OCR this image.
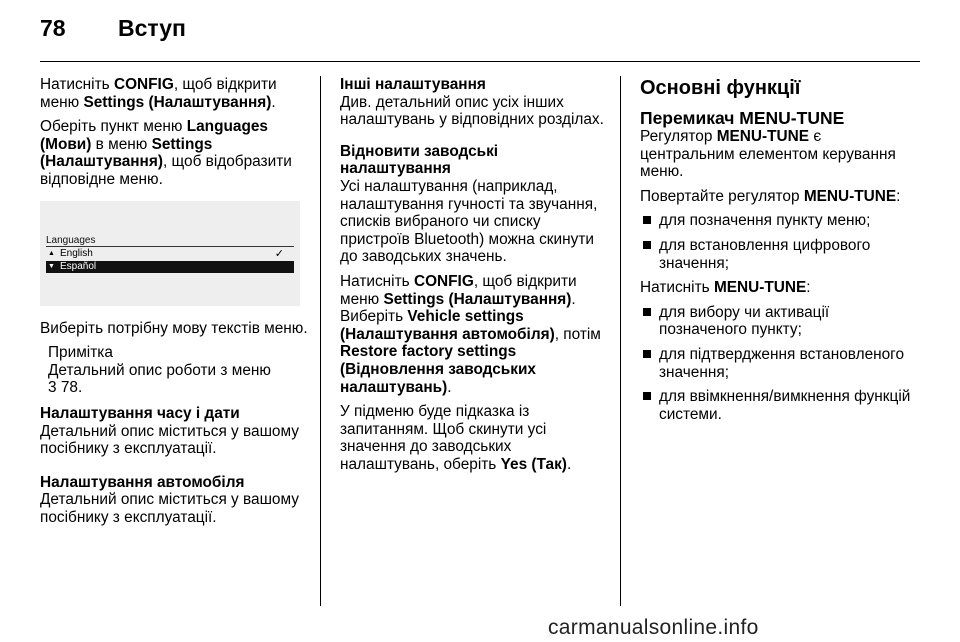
78 Вступ

Натисніть CONFIG, щоб відкрити меню Settings (Налаштування).

Оберіть пункт меню Languages (Мови) в меню Settings (Налаштування), щоб відобразити відповідне меню.

Languages
▲ English	✓
▼ Español

Виберіть потрібну мову текстів меню.

Примітка
Детальний опис роботи з меню
3 78.
Налаштування часу і дати

Детальний опис міститься у вашому посібнику з експлуатації.

Налаштування автомобіля

Детальний опис міститься у вашому посібнику з експлуатації.

Інші налаштування

Див. детальний опис усіх інших налаштувань у відповідних розділах.

Відновити заводські налаштування

Усі налаштування (наприклад, налаштування гучності та звучання, списків вибраного чи списку пристроїв Bluetooth) можна скинути до заводських значень.

Натисніть CONFIG, щоб відкрити меню Settings (Налаштування). Виберіть Vehicle settings (Налаштування автомобіля), потім Restore factory settings (Відновлення заводських налаштувань).

У підменю буде підказка із запитанням. Щоб скинути усі значення до заводських налаштувань, оберіть Yes (Так).

Основні функції
Перемикач MENU-TUNE

Регулятор MENU-TUNE є центральним елементом керування меню.

Повертайте регулятор MENU-TUNE:

для позначення пункту меню;
для встановлення цифрового значення;

Натисніть MENU-TUNE:

для вибору чи активації позначеного пункту;
для підтвердження встановленого значення;
для ввімкнення/вимкнення функцій системи.
carmanualsonline.info
